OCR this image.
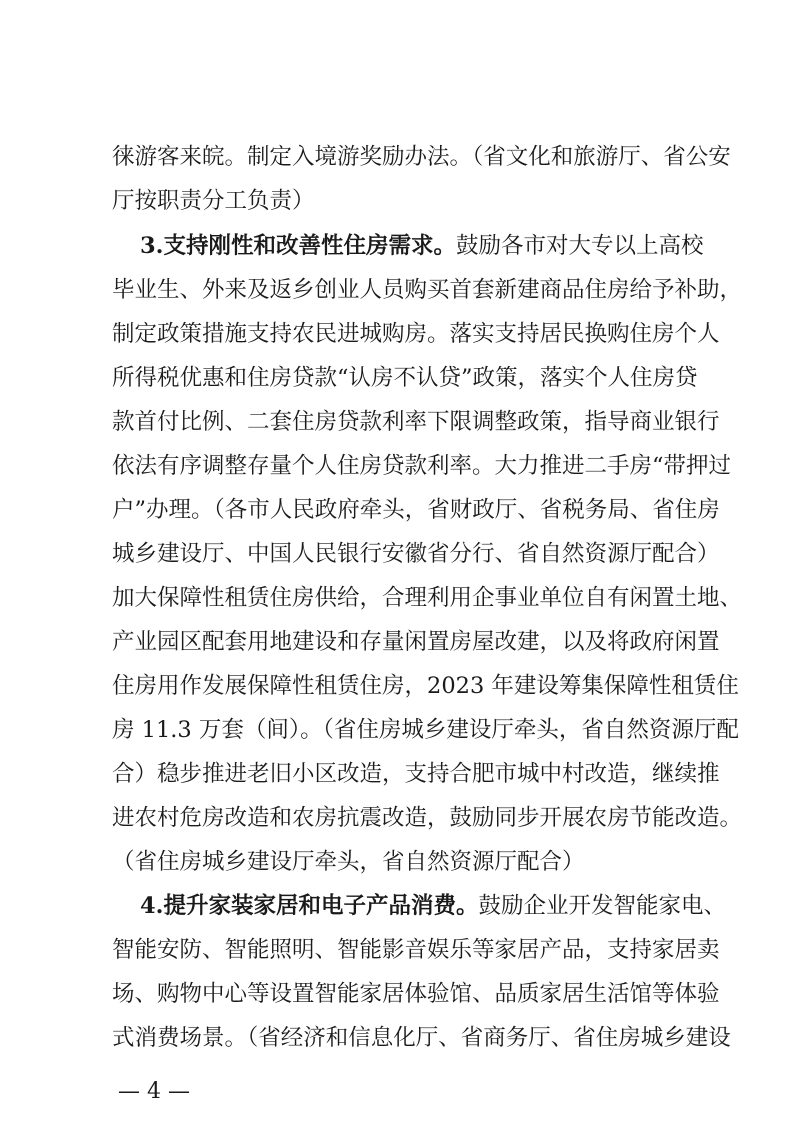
徕游客来皖。制定入境游奖励办法。（省文化和旅游厅、省公安
厅按职责分工负责）
3.支持刚性和改善性住房需求。鼓励各市对大专以上高校
毕业生、外来及返乡创业人员购买首套新建商品住房给予补助，
制定政策措施支持农民进城购房。落实支持居民换购住房个人
所得税优惠和住房贷款“认房不认贷”政策，落实个人住房贷
款首付比例、二套住房贷款利率下限调整政策，指导商业银行
依法有序调整存量个人住房贷款利率。大力推进二手房“带押过
户”办理。（各市人民政府牵头，省财政厅、省税务局、省住房
城乡建设厅、中国人民银行安徽省分行、省自然资源厅配合）
加大保障性租赁住房供给，合理利用企事业单位自有闲置土地、
产业园区配套用地建设和存量闲置房屋改建，以及将政府闲置
住房用作发展保障性租赁住房，2023 年建设筹集保障性租赁住
房 11.3 万套（间）。（省住房城乡建设厅牵头，省自然资源厅配
合）稳步推进老旧小区改造，支持合肥市城中村改造，继续推
进农村危房改造和农房抗震改造，鼓励同步开展农房节能改造。
（省住房城乡建设厅牵头，省自然资源厅配合）
4.提升家装家居和电子产品消费。鼓励企业开发智能家电、
智能安防、智能照明、智能影音娱乐等家居产品，支持家居卖
场、购物中心等设置智能家居体验馆、品质家居生活馆等体验
式消费场景。（省经济和信息化厅、省商务厅、省住房城乡建设
— 4 —
